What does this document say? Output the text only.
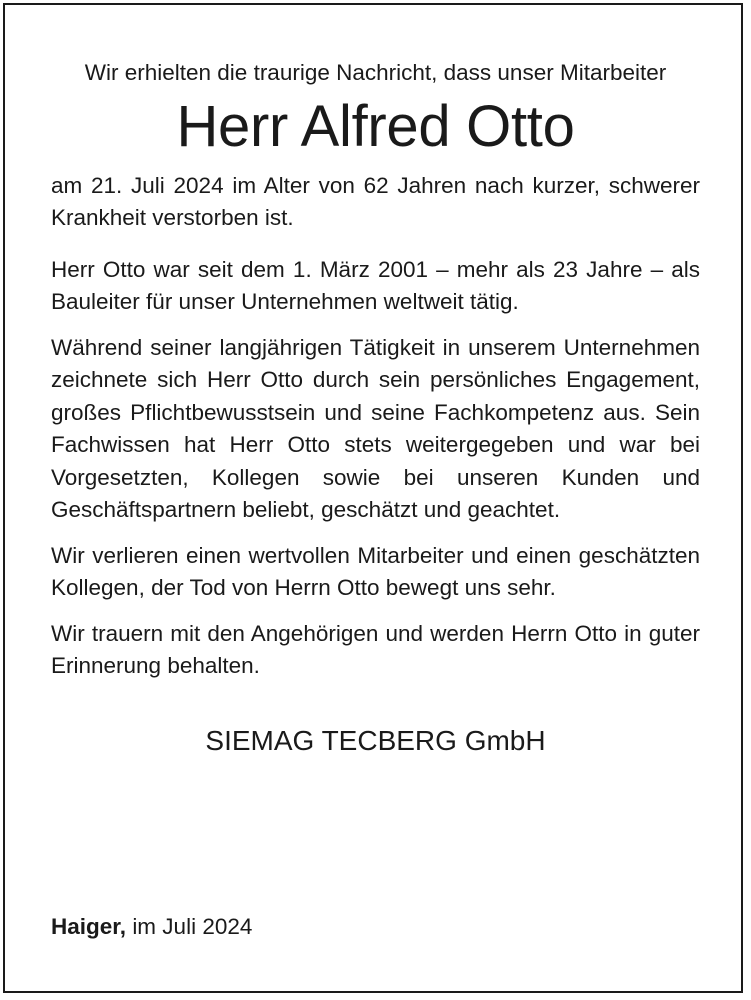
Wir erhielten die traurige Nachricht, dass unser Mitarbeiter

Herr Alfred Otto

am 21. Juli 2024 im Alter von 62 Jahren nach kurzer, schwerer Krankheit verstorben ist.

Herr Otto war seit dem 1. März 2001 – mehr als 23 Jahre – als Bauleiter für unser Unternehmen weltweit tätig.

Während seiner langjährigen Tätigkeit in unserem Unternehmen zeichnete sich Herr Otto durch sein persönliches Engagement, großes Pflichtbewusstsein und seine Fachkompetenz aus. Sein Fachwissen hat Herr Otto stets weitergegeben und war bei Vorgesetzten, Kollegen sowie bei unseren Kunden und Geschäftspartnern beliebt, geschätzt und geachtet.

Wir verlieren einen wertvollen Mitarbeiter und einen geschätzten Kollegen, der Tod von Herrn Otto bewegt uns sehr.

Wir trauern mit den Angehörigen und werden Herrn Otto in guter Erinnerung behalten.

SIEMAG TECBERG GmbH
Haiger, im Juli 2024
